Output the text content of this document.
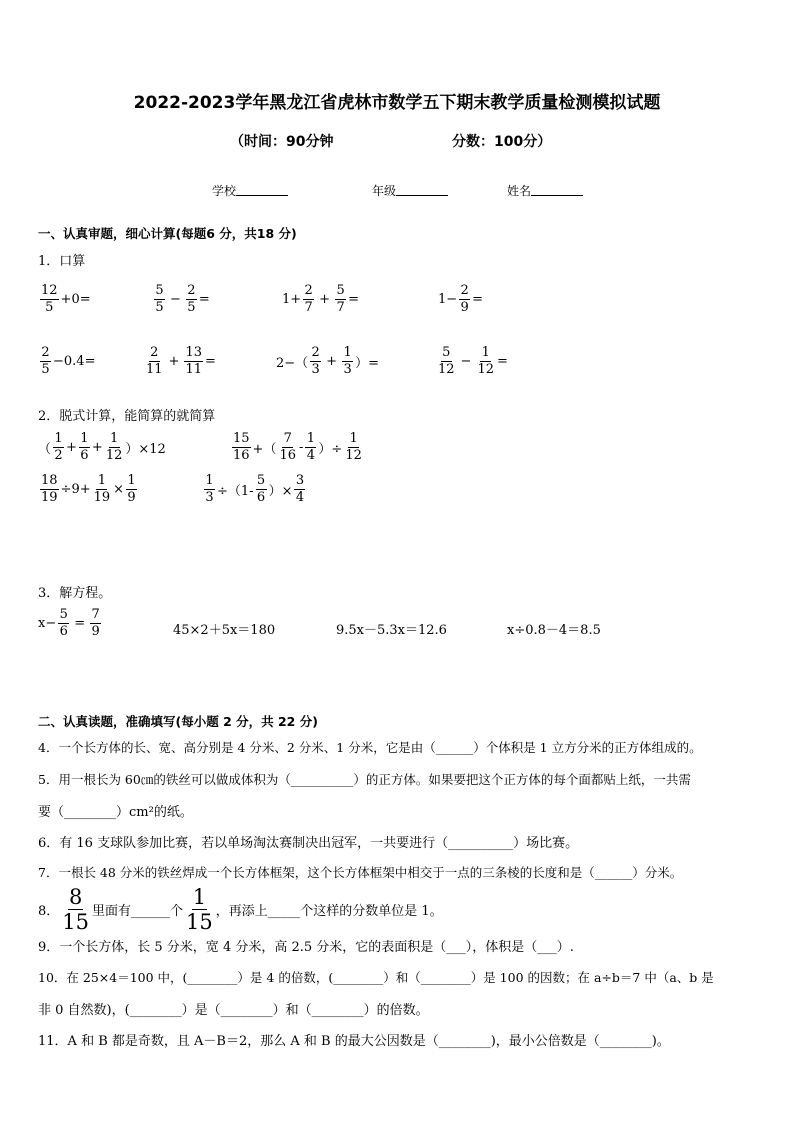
2022-2023学年黑龙江省虎林市数学五下期末教学质量检测模拟试题
（时间：90分钟	分数：100分）
学校	年级	姓名
一、认真审题，细心计算(每题6 分，共18 分)
1．口算
$\frac{12}{5} +0=$	$\frac{5}{5} - \frac{2}{5}$ =	$1+ \frac{2}{7} + \frac{5}{7}$ =	$1- \frac{2}{9}$ =
$\frac{2}{5} -0.4=$	$\frac{2}{11} + \frac{13}{11}$ =	$2-( \frac{2}{3} + \frac{1}{3}$ ）=	$\frac{5}{12} - \frac{1}{12}$ =
2．脱式计算，能简算的就简算
（ $\frac{1}{2} + \frac{1}{6} + \frac{1}{12} )\times 12$	$\frac{15}{16}$ +（ $\frac{7}{16} - \frac{1}{4}$ ）÷ $\frac{1}{12}$
$\frac{18}{19} \div 9+ \frac{1}{19} \times \frac{1}{9}$	$\frac{1}{3} \div(1- \frac{5}{6}$ ）× $\frac{3}{4}$
3．解方程。
$x- \frac{5}{6} = \frac{7}{9}$	45×2＋5x＝180	9.5x－5.3x＝12.6	x÷0.8－4＝8.5
二、认真读题，准确填写(每小题 2 分，共 22 分)
4．一个长方体的长、宽、高分别是 4 分米、2 分米、1 分米，它是由（______）个体积是 1 立方分米的正方体组成的。
5．用一根长为 60㎝的铁丝可以做成体积为（__________）的正方体。如果要把这个正方体的每个面都贴上纸，一共需
要（________）cm²的纸。
6．有 16 支球队参加比赛，若以单场淘汰赛制决出冠军，一共要进行（__________）场比赛。
7．一根长 48 分米的铁丝焊成一个长方体框架，这个长方体框架中相交于一点的三条棱的长度和是（______）分米。
8． $\frac{8}{15}$ 里面有______个 $\frac{1}{15}$ ，再添上_____个这样的分数单位是 1。
9．一个长方体，长 5 分米，宽 4 分米，高 2.5 分米，它的表面积是（___），体积是（___）.
10．在 25×4＝100 中，(________）是 4 的倍数，(________）和（________）是 100 的因数；在 a÷b＝7 中（a、b 是
非 0 自然数)，(________）是（________）和（________）的倍数。
11．A 和 B 都是奇数，且 A－B＝2，那么 A 和 B 的最大公因数是（________)，最小公倍数是（________)。
